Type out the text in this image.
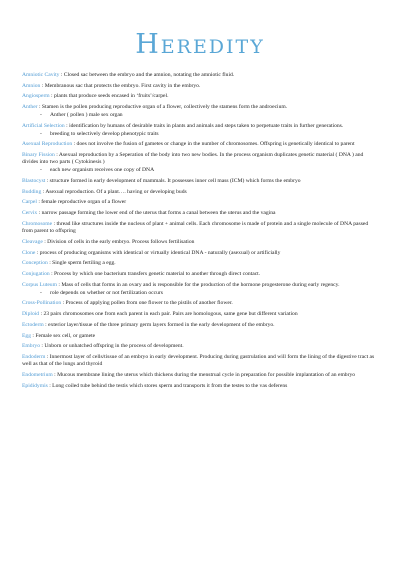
Heredity
Amniotic Cavity : Closed sac between the embryo and the amnion, notating the amniotic fluid.
Amnion : Membranous sac that protects the embryo. First cavity in the embryo.
Angiosperm : plants that produce seeds encased in ‘fruits’/carpel.
Anther : Stamen is the pollen producing reproductive organ of a flower, collectively the stamens form the androecium.
- Anther ( pollen ) male sex organ
Artificial Selection : identification by humans of desirable traits in plants and animals and steps taken to perpetuate traits in further generations.
- breeding to selectively develop phenotypic traits
Asexual Reproduction : does not involve the fusion of gametes or change in the number of chromosomes. Offspring is genetically identical to parent
Binary Fission : Asexual reproduction by a Seperation of the body into two new bodies. In the process organism duplicates genetic material ( DNA ) and divides into two parts ( Cytokinesis )
- each new organism receives one copy of DNA
Blastocyst : structure formed in early development of mammals. It possesses inner cell mass (ICM) which forms the embryo
Budding : Asexual reproduction. Of a plant…. having or developing buds
Carpel : female reproductive organ of a flower
Cervix : narrow passage forming the lower end of the uterus that forms a canal between the uterus and the vagina
Chromosome : thread like structures inside the nucleus of plant + animal cells. Each chromosome is made of protein and a single molecule of DNA passed from parent to offspring
Cleavage : Division of cells in the early embryo. Process follows fertilisation
Clone : process of producing organisms with identical or virtually identical DNA - naturally (asexual) or artificially
Conception : Single sperm fertiling a egg.
Conjugation : Process by which one bacterium transfers genetic material to another through direct contact.
Corpus Luteum : Mass of cells that forms in an ovary and is responsible for the production of the hormone progesterone during early regency.
- role depends on whether or not fertilization occurs
Cross-Pollination : Process of applying pollen from one flower to the pistils of another flower.
Diploid : 23 pairs chromosomes one from each parent in each pair. Pairs are homologous, same gene but different variation
Ectoderm : exterior layer/tissue of the three primary germ layers formed in the early development of the embryo.
Egg : Female sex cell, or gamete
Embryo : Unborn or unhatched offspring in the process of development.
Endoderm : Innermost layer of cells/tissue of an embryo in early development. Producing during gastrulation and will form the lining of the digestive tract as well as that of the lungs and thyroid
Endometrium : Mucous membrane lining the uterus which thickens during the menstrual cycle in preparation for possible implantation of an embryo
Epididymis : Long coiled tube behind the testis which stores sperm and transports it from the testes to the vas deferens
